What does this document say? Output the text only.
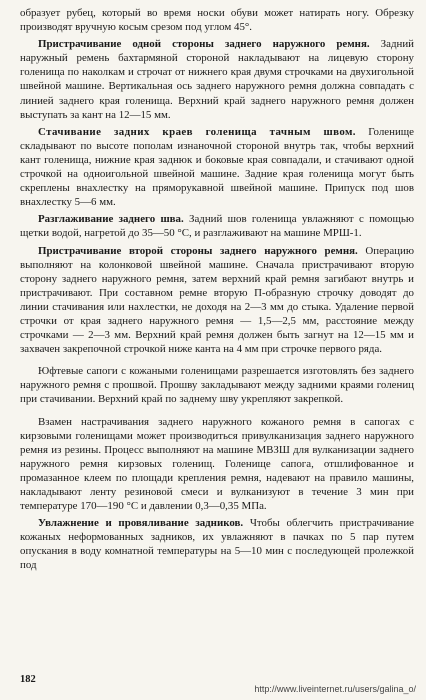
образует рубец, который во время носки обуви может натирать ногу. Обрезку производят вручную косым срезом под углом 45°.

Пристрачивание одной стороны заднего наружного ремня. Задний наружный ремень бахтармяной стороной накладывают на лицевую сторону голенища по наколкам и строчат от нижнего края двумя строчками на двухигольной швейной машине. Вертикальная ось заднего наружного ремня должна совпадать с линией заднего края голенища. Верхний край заднего наружного ремня должен выступать за кант на 12—15 мм.

Стачивание задних краев голенища тачным швом. Голенище складывают по высоте пополам изнаночной стороной внутрь так, чтобы верхний кант голенища, нижние края заднюк и боковые края совпадали, и стачивают одной строчкой на одноигольной швейной машине. Задние края голенища могут быть скреплены внахлестку на пряморукавной швейной машине. Припуск под шов внахлестку 5—6 мм.

Разглаживание заднего шва. Задний шов голенища увлажняют с помощью щетки водой, нагретой до 35—50 °С, и разглаживают на машине МРШ-1.

Пристрачивание второй стороны заднего наружного ремня. Операцию выполняют на колонковой швейной машине. Сначала пристрачивают вторую сторону заднего наружного ремня, затем верхний край ремня загибают внутрь и пристрачивают. При составном ремне вторую П-образную строчку доводят до линии стачивания или нахлестки, не доходя на 2—3 мм до стыка. Удаление первой строчки от края заднего наружного ремня — 1,5—2,5 мм, расстояние между строчками — 2—3 мм. Верхний край ремня должен быть загнут на 12—15 мм и захвачен закрепочной строчкой ниже канта на 4 мм при строчке первого ряда.

Юфтевые сапоги с кожаными голенищами разрешается изготовлять без заднего наружного ремня с прошвой. Прошву закладывают между задними краями голениц при стачивании. Верхний край по заднему шву укрепляют закрепкой.

Взамен настрачивания заднего наружного кожаного ремня в сапогах с кирзовыми голенищами может производиться привулканизация заднего наружного ремня из резины. Процесс выполняют на машине МВЗШ для вулканизации заднего наружного ремня кирзовых голенищ. Голенище сапога, отшлифованное и промазанное клеем по площади крепления ремня, надевают на правило машины, накладывают ленту резиновой смеси и вулканизуют в течение 3 мин при температуре 170—190 °С и давлении 0,3—0,35 МПа.

Увлажнение и провяливание задников. Чтобы облегчить пристрачивание кожаных неформованных задников, их увлажняют в пачках по 5 пар путем опускания в воду комнатной температуры на 5—10 мин с последующей пролежкой под

182
http://www.liveinternet.ru/users/galina_o/
